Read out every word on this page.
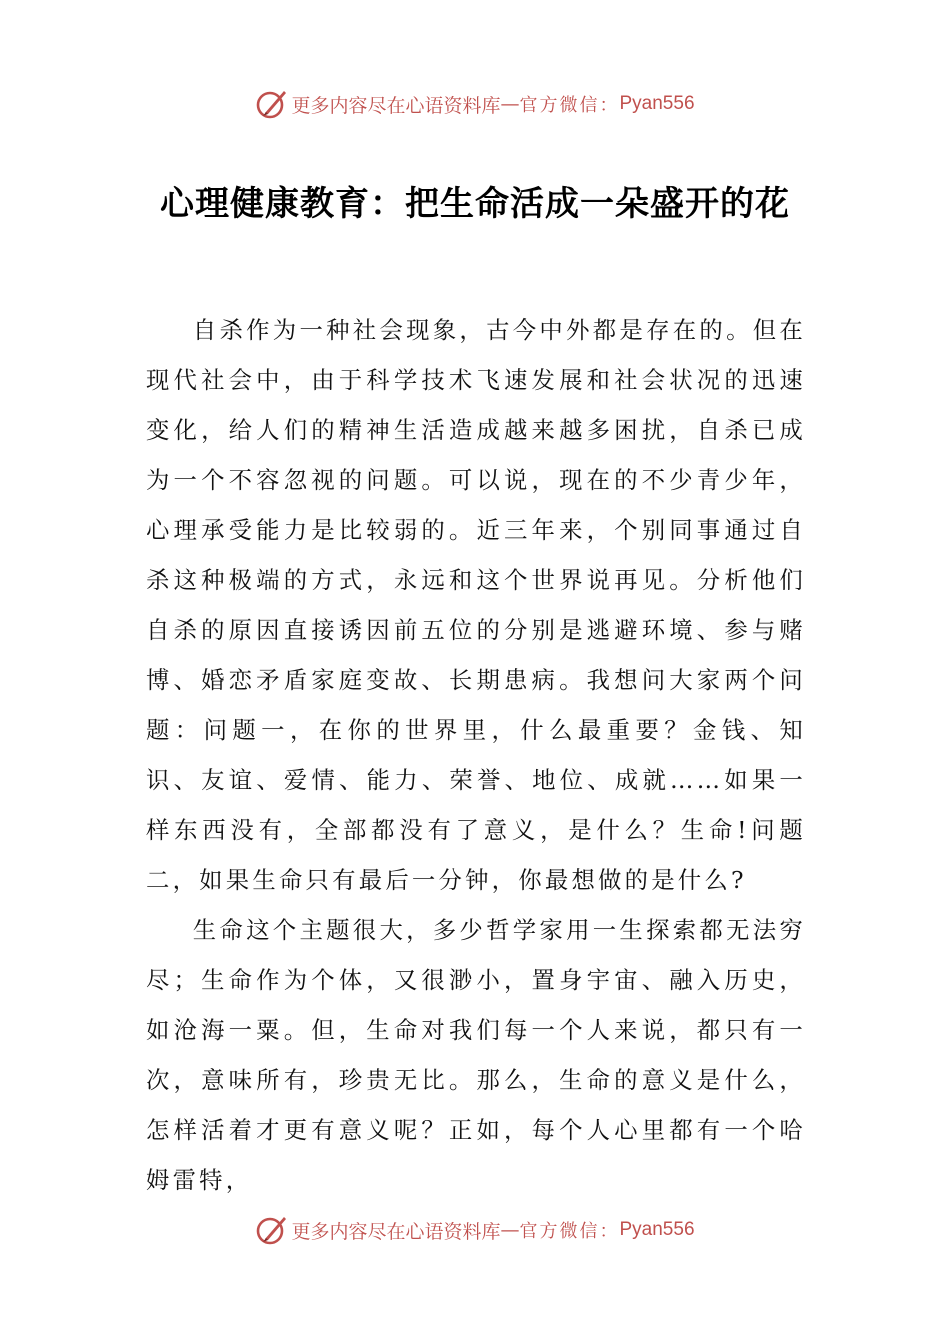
更多内容尽在心语资料库 — 官方微信： Pyan556
心理健康教育：把生命活成一朵盛开的花

自杀作为一种社会现象，古今中外都是存在的。但在现代社会中，由于科学技术飞速发展和社会状况的迅速变化，给人们的精神生活造成越来越多困扰，自杀已成为一个不容忽视的问题。可以说，现在的不少青少年，心理承受能力是比较弱的。近三年来，个别同事通过自杀这种极端的方式，永远和这个世界说再见。分析他们自杀的原因直接诱因前五位的分别是逃避环境、参与赌博、婚恋矛盾家庭变故、长期患病。我想问大家两个问题：问题一，在你的世界里，什么最重要？金钱、知识、友谊、爱情、能力、荣誉、地位、成就……如果一样东西没有，全部都没有了意义，是什么？生命!问题二，如果生命只有最后一分钟，你最想做的是什么?

生命这个主题很大，多少哲学家用一生探索都无法穷尽；生命作为个体，又很渺小，置身宇宙、融入历史，如沧海一粟。但，生命对我们每一个人来说，都只有一次，意味所有，珍贵无比。那么，生命的意义是什么，怎样活着才更有意义呢？正如，每个人心里都有一个哈姆雷特，

更多内容尽在心语资料库 — 官方微信： Pyan556
